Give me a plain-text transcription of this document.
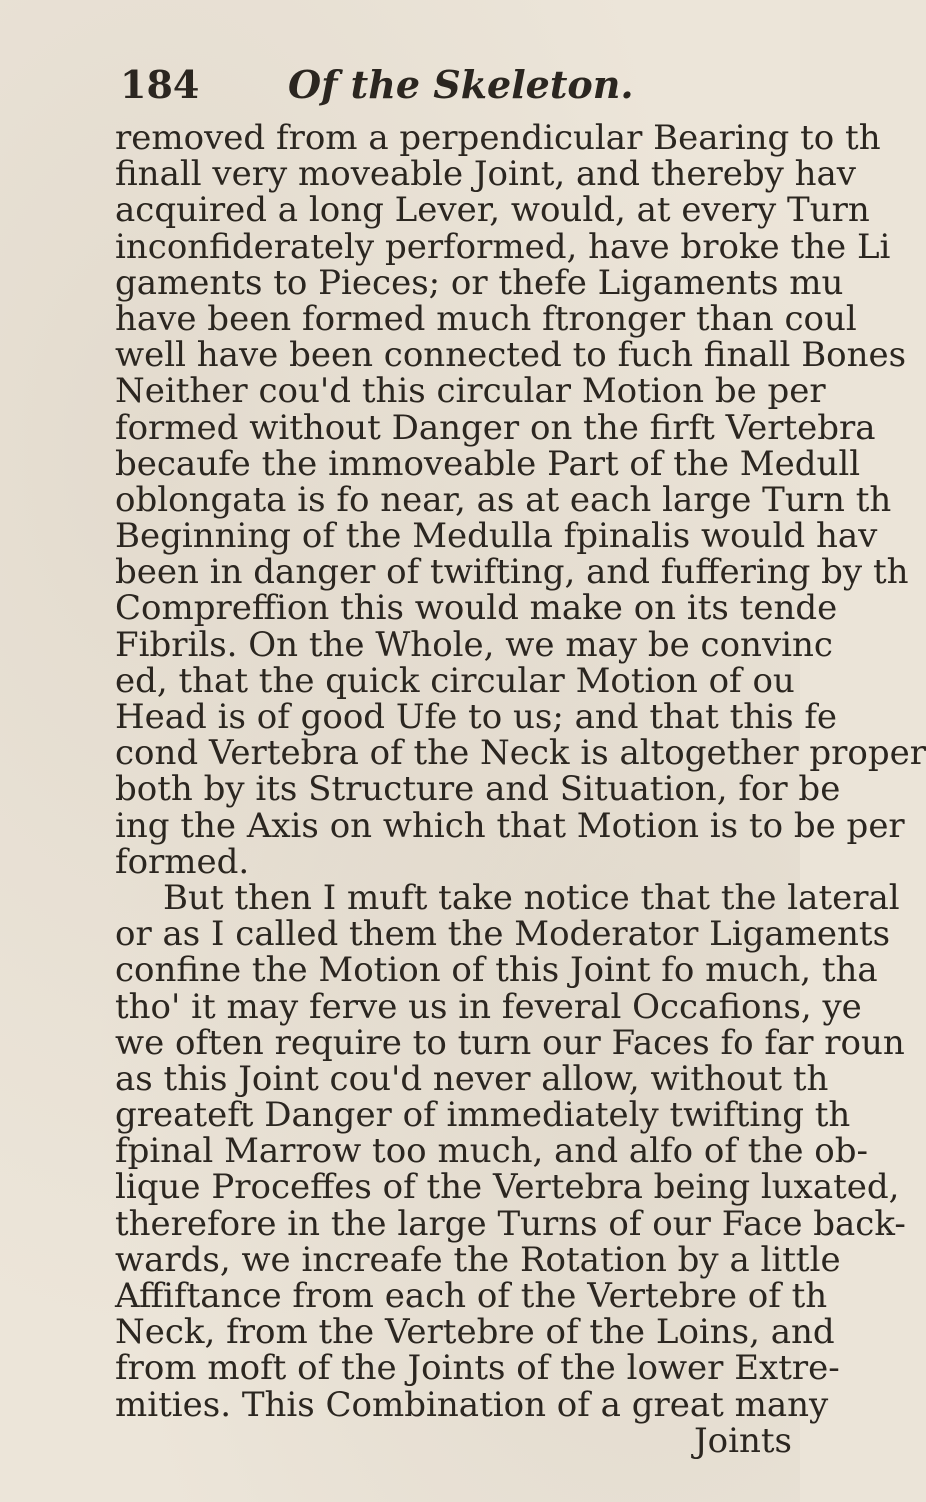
184 Of the Skeleton.
removed from a perpendicular Bearing to th
finall very moveable Joint, and thereby hav
acquired a long Lever, would, at every Turn
inconfiderately performed, have broke the Li
gaments to Pieces; or thefe Ligaments mu
have been formed much ftronger than coul
well have been connected to fuch finall Bones
Neither cou'd this circular Motion be per
formed without Danger on the firft Vertebra
becaufe the immoveable Part of the Medull
oblongata is fo near, as at each large Turn th
Beginning of the Medulla fpinalis would hav
been in danger of twifting, and fuffering by th
Compreffion this would make on its tende
Fibrils. On the Whole, we may be convinc
ed, that the quick circular Motion of ou
Head is of good Ufe to us; and that this fe
cond Vertebra of the Neck is altogether proper
both by its Structure and Situation, for be
ing the Axis on which that Motion is to be per
formed.
But then I muft take notice that the lateral
or as I called them the Moderator Ligaments
confine the Motion of this Joint fo much, tha
tho' it may ferve us in feveral Occafions, ye
we often require to turn our Faces fo far roun
as this Joint cou'd never allow, without th
greateft Danger of immediately twifting th
fpinal Marrow too much, and alfo of the ob-
lique Proceffes of the Vertebra being luxated,
therefore in the large Turns of our Face back-
wards, we increafe the Rotation by a little
Affiftance from each of the Vertebre of th
Neck, from the Vertebre of the Loins, and
from moft of the Joints of the lower Extre-
mities. This Combination of a great many
Joints
